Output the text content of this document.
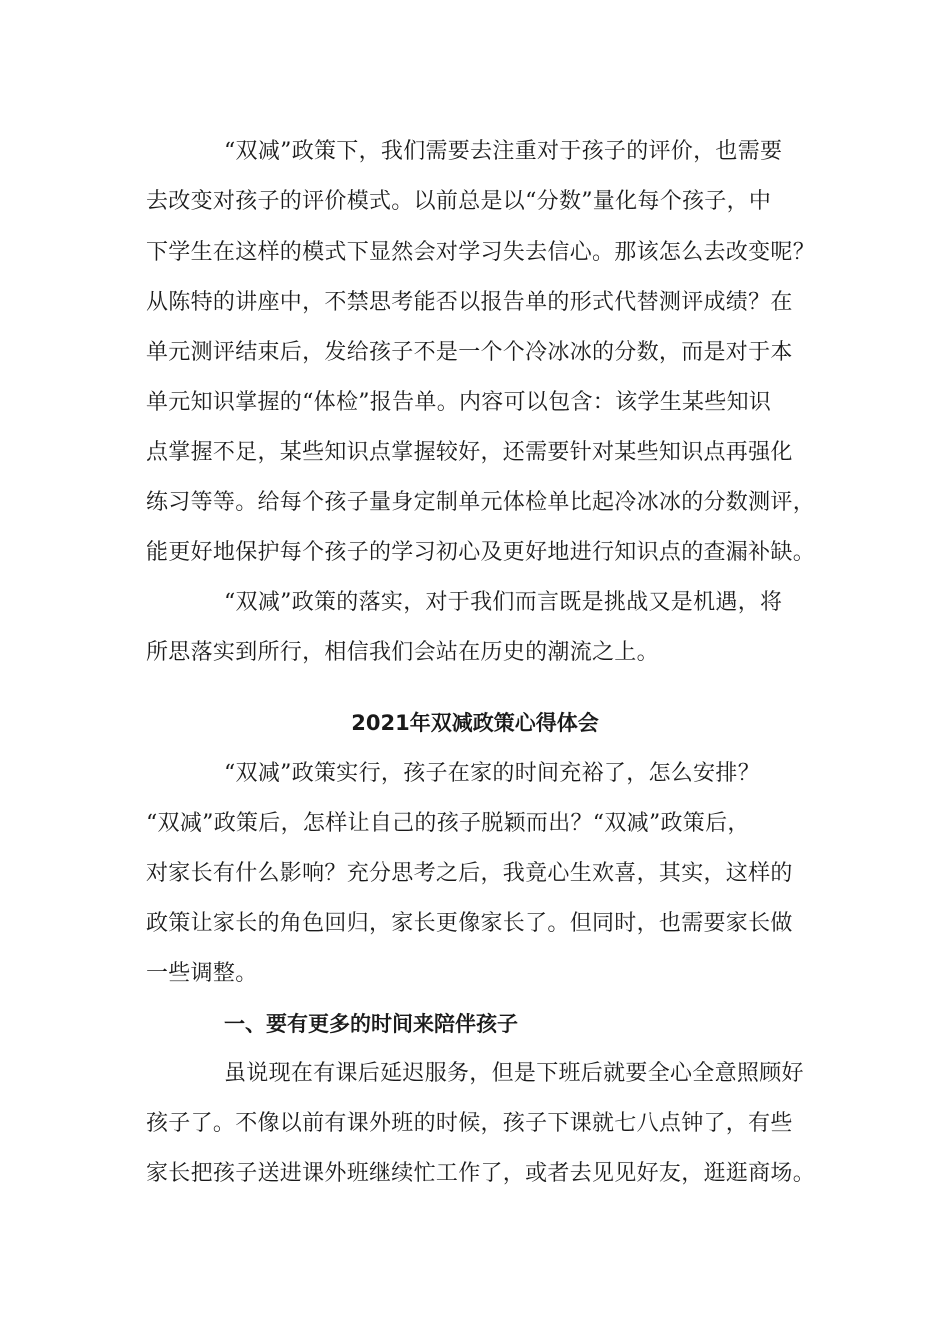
“双减”政策下，我们需要去注重对于孩子的评价，也需要
去改变对孩子的评价模式。以前总是以“分数”量化每个孩子，中
下学生在这样的模式下显然会对学习失去信心。那该怎么去改变呢？
从陈特的讲座中，不禁思考能否以报告单的形式代替测评成绩？在
单元测评结束后，发给孩子不是一个个冷冰冰的分数，而是对于本
单元知识掌握的“体检”报告单。内容可以包含：该学生某些知识
点掌握不足，某些知识点掌握较好，还需要针对某些知识点再强化
练习等等。给每个孩子量身定制单元体检单比起冷冰冰的分数测评，
能更好地保护每个孩子的学习初心及更好地进行知识点的查漏补缺。
“双减”政策的落实，对于我们而言既是挑战又是机遇，将
所思落实到所行，相信我们会站在历史的潮流之上。
2021年双减政策心得体会
“双减”政策实行，孩子在家的时间充裕了，怎么安排？
“双减”政策后，怎样让自己的孩子脱颖而出？“双减”政策后，
对家长有什么影响？充分思考之后，我竟心生欢喜，其实，这样的
政策让家长的角色回归，家长更像家长了。但同时，也需要家长做
一些调整。
一、要有更多的时间来陪伴孩子
虽说现在有课后延迟服务，但是下班后就要全心全意照顾好
孩子了。不像以前有课外班的时候，孩子下课就七八点钟了，有些
家长把孩子送进课外班继续忙工作了，或者去见见好友，逛逛商场。
